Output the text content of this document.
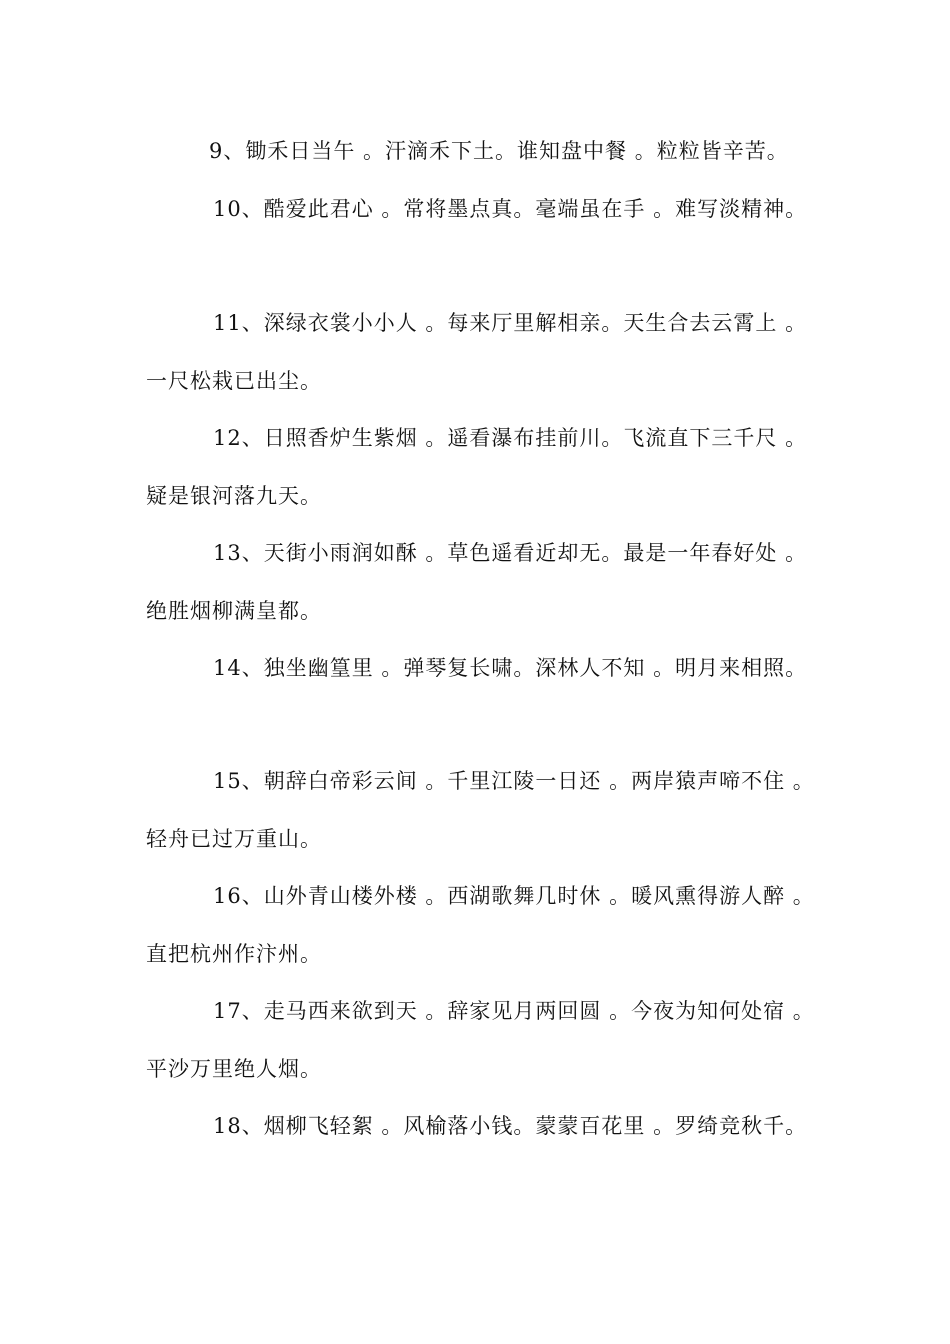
9、锄禾日当午 。汗滴禾下土。谁知盘中餐 。粒粒皆辛苦。
10、酷爱此君心 。常将墨点真。毫端虽在手 。难写淡精神。
11、深绿衣裳小小人 。每来厅里解相亲。天生合去云霄上 。
一尺松栽已出尘。
12、日照香炉生紫烟 。遥看瀑布挂前川。飞流直下三千尺 。
疑是银河落九天。
13、天街小雨润如酥 。草色遥看近却无。最是一年春好处 。
绝胜烟柳满皇都。
14、独坐幽篁里 。弹琴复长啸。深林人不知 。明月来相照。
15、朝辞白帝彩云间 。千里江陵一日还 。两岸猿声啼不住 。
轻舟已过万重山。
16、山外青山楼外楼 。西湖歌舞几时休 。暖风熏得游人醉 。
直把杭州作汴州。
17、走马西来欲到天 。辞家见月两回圆 。今夜为知何处宿 。
平沙万里绝人烟。
18、烟柳飞轻絮 。风榆落小钱。蒙蒙百花里 。罗绮竞秋千。
